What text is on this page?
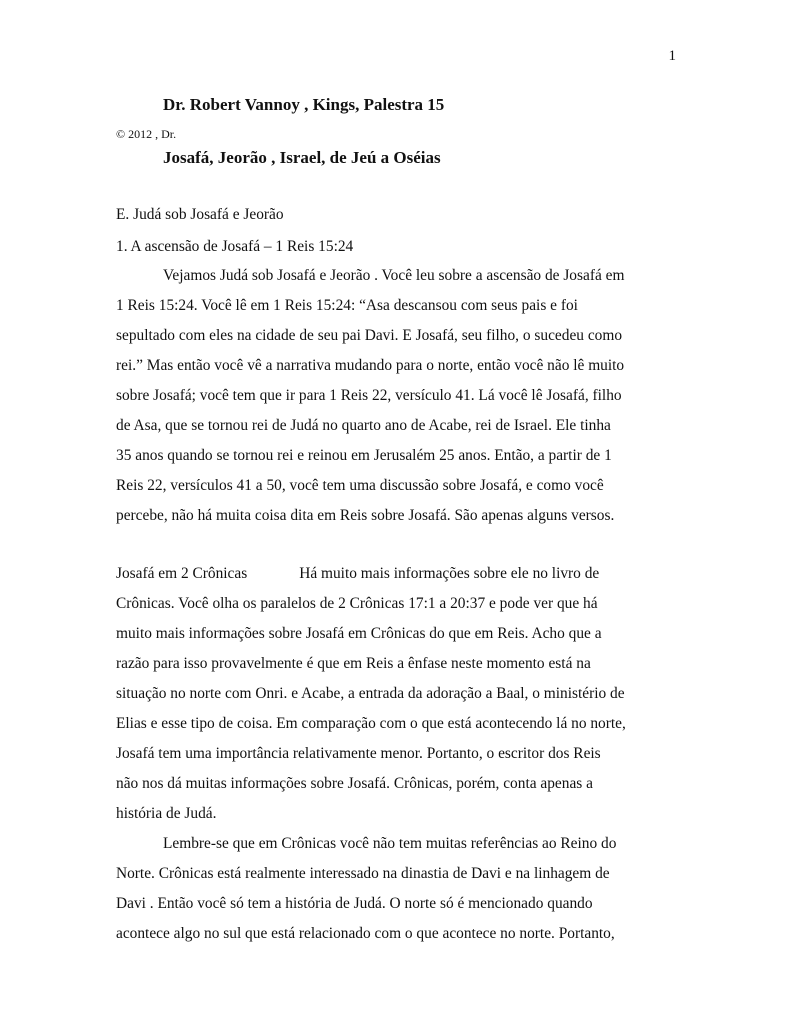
1
Dr. Robert Vannoy , Kings, Palestra 15
© 2012 , Dr.
Josafá, Jeorão , Israel, de Jeú a Oséias
E. Judá sob Josafá e Jeorão
1. A ascensão de Josafá – 1 Reis 15:24
Vejamos Judá sob Josafá e Jeorão . Você leu sobre a ascensão de Josafá em
1 Reis 15:24. Você lê em 1 Reis 15:24: “Asa descansou com seus pais e foi
sepultado com eles na cidade de seu pai Davi. E Josafá, seu filho, o sucedeu como
rei.” Mas então você vê a narrativa mudando para o norte, então você não lê muito
sobre Josafá; você tem que ir para 1 Reis 22, versículo 41. Lá você lê Josafá, filho
de Asa, que se tornou rei de Judá no quarto ano de Acabe, rei de Israel. Ele tinha
35 anos quando se tornou rei e reinou em Jerusalém 25 anos. Então, a partir de 1
Reis 22, versículos 41 a 50, você tem uma discussão sobre Josafá, e como você
percebe, não há muita coisa dita em Reis sobre Josafá. São apenas alguns versos.
Josafá em 2 Crônicas	Há muito mais informações sobre ele no livro de
Crônicas. Você olha os paralelos de 2 Crônicas 17:1 a 20:37 e pode ver que há
muito mais informações sobre Josafá em Crônicas do que em Reis. Acho que a
razão para isso provavelmente é que em Reis a ênfase neste momento está na
situação no norte com Onri. e Acabe, a entrada da adoração a Baal, o ministério de
Elias e esse tipo de coisa. Em comparação com o que está acontecendo lá no norte,
Josafá tem uma importância relativamente menor. Portanto, o escritor dos Reis
não nos dá muitas informações sobre Josafá. Crônicas, porém, conta apenas a
história de Judá.
Lembre-se que em Crônicas você não tem muitas referências ao Reino do
Norte. Crônicas está realmente interessado na dinastia de Davi e na linhagem de
Davi . Então você só tem a história de Judá. O norte só é mencionado quando
acontece algo no sul que está relacionado com o que acontece no norte. Portanto,
